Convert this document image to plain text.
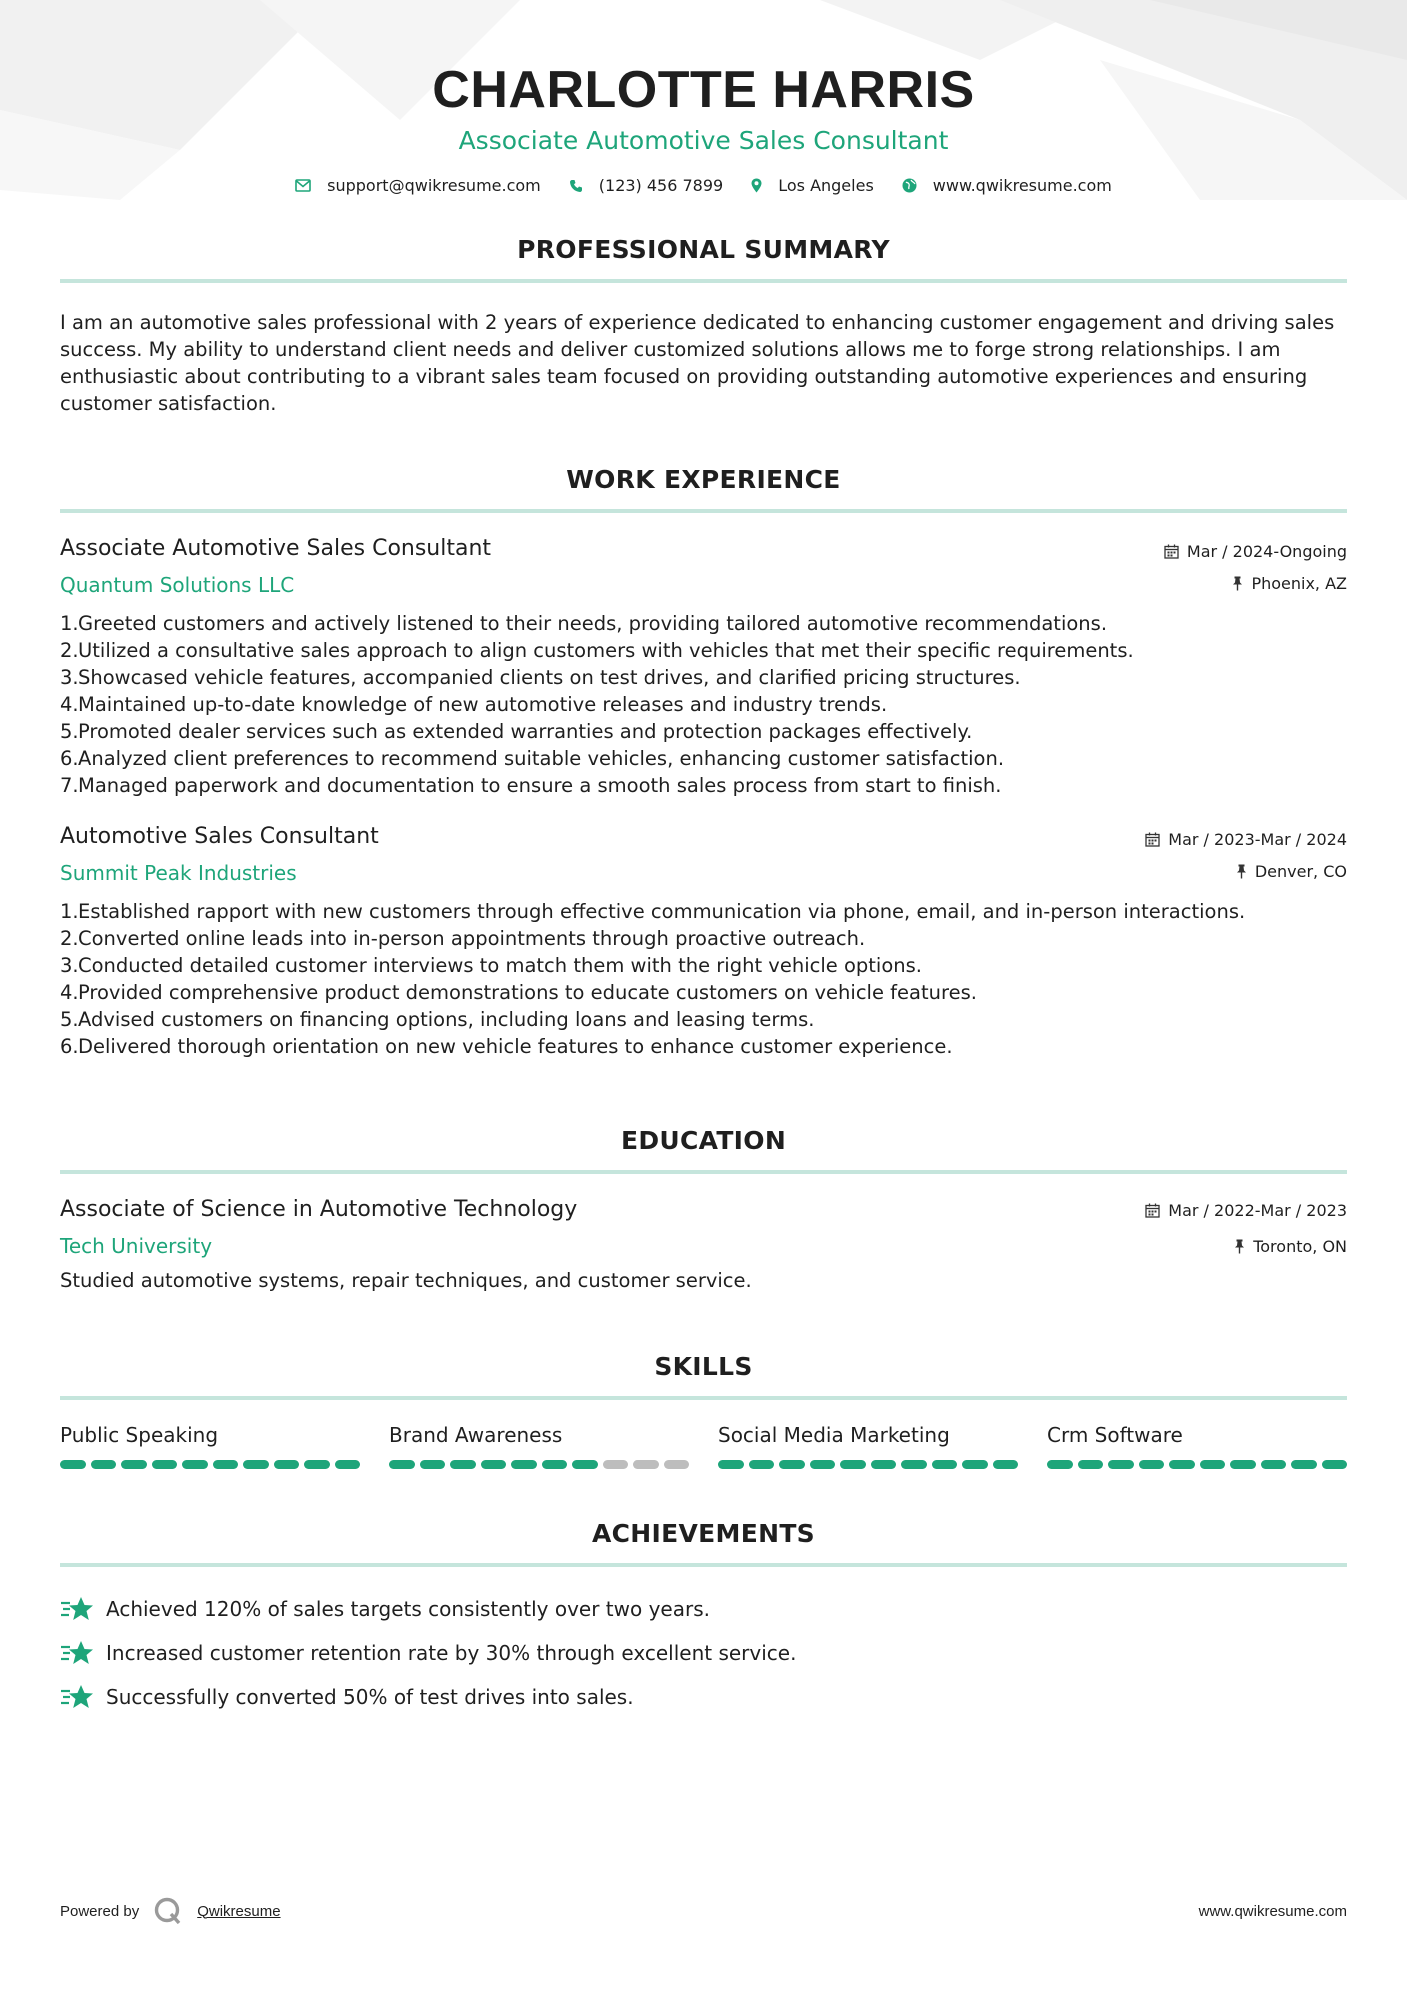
CHARLOTTE HARRIS
Associate Automotive Sales Consultant
support@qwikresume.com	(123) 456 7899	Los Angeles	www.qwikresume.com
PROFESSIONAL SUMMARY
I am an automotive sales professional with 2 years of experience dedicated to enhancing customer engagement and driving sales success. My ability to understand client needs and deliver customized solutions allows me to forge strong relationships. I am enthusiastic about contributing to a vibrant sales team focused on providing outstanding automotive experiences and ensuring customer satisfaction.
WORK EXPERIENCE
Associate Automotive Sales Consultant
Quantum Solutions LLC
Mar / 2024-Ongoing
Phoenix, AZ
1. Greeted customers and actively listened to their needs, providing tailored automotive recommendations.
2. Utilized a consultative sales approach to align customers with vehicles that met their specific requirements.
3. Showcased vehicle features, accompanied clients on test drives, and clarified pricing structures.
4. Maintained up-to-date knowledge of new automotive releases and industry trends.
5. Promoted dealer services such as extended warranties and protection packages effectively.
6. Analyzed client preferences to recommend suitable vehicles, enhancing customer satisfaction.
7. Managed paperwork and documentation to ensure a smooth sales process from start to finish.
Automotive Sales Consultant
Summit Peak Industries
Mar / 2023-Mar / 2024
Denver, CO
1. Established rapport with new customers through effective communication via phone, email, and in-person interactions.
2. Converted online leads into in-person appointments through proactive outreach.
3. Conducted detailed customer interviews to match them with the right vehicle options.
4. Provided comprehensive product demonstrations to educate customers on vehicle features.
5. Advised customers on financing options, including loans and leasing terms.
6. Delivered thorough orientation on new vehicle features to enhance customer experience.
EDUCATION
Associate of Science in Automotive Technology
Tech University
Mar / 2022-Mar / 2023
Toronto, ON
Studied automotive systems, repair techniques, and customer service.
SKILLS
Public Speaking	Brand Awareness	Social Media Marketing	Crm Software
ACHIEVEMENTS
Achieved 120% of sales targets consistently over two years.
Increased customer retention rate by 30% through excellent service.
Successfully converted 50% of test drives into sales.
Powered by	Qwikresume	www.qwikresume.com
